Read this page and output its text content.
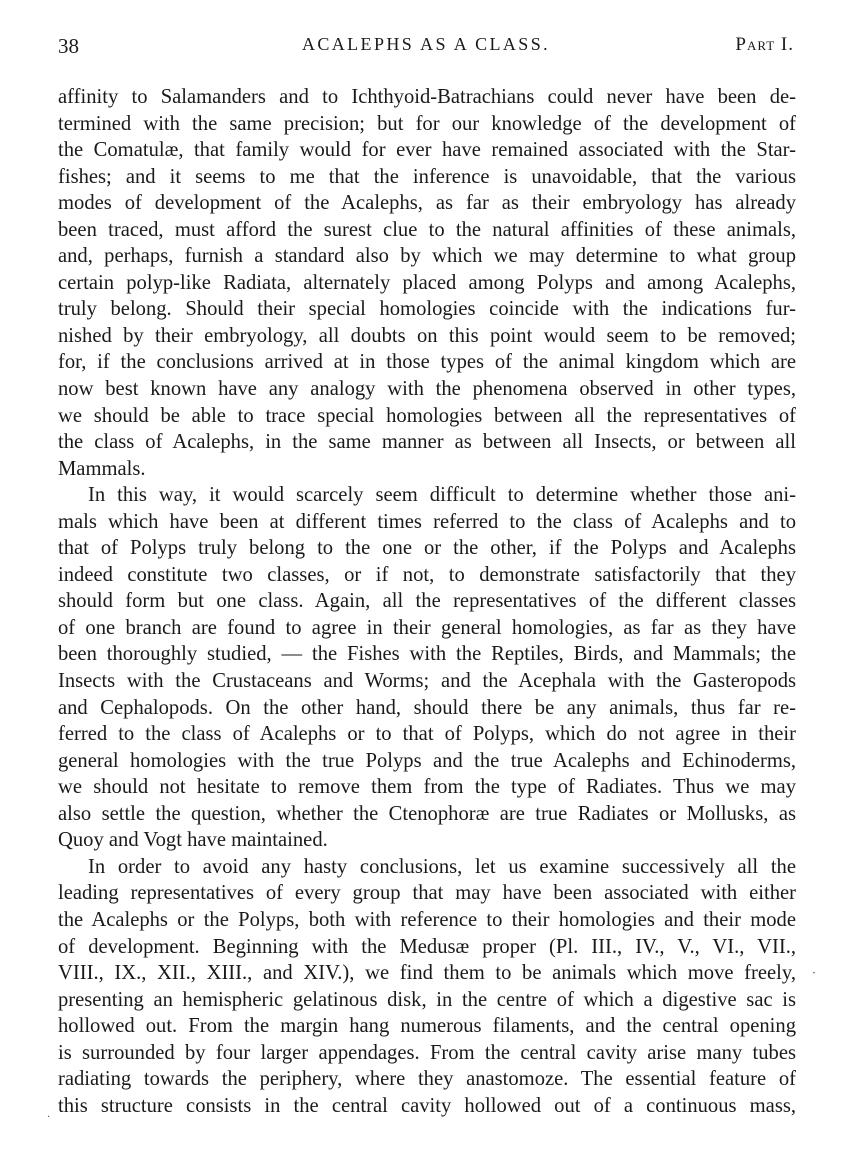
38	ACALEPHS AS A CLASS.	Part I.
affinity to Salamanders and to Ichthyoid-Batrachians could never have been de-
termined with the same precision; but for our knowledge of the development of
the Comatulæ, that family would for ever have remained associated with the Star-
fishes; and it seems to me that the inference is unavoidable, that the various
modes of development of the Acalephs, as far as their embryology has already
been traced, must afford the surest clue to the natural affinities of these animals,
and, perhaps, furnish a standard also by which we may determine to what group
certain polyp-like Radiata, alternately placed among Polyps and among Acalephs,
truly belong. Should their special homologies coincide with the indications fur-
nished by their embryology, all doubts on this point would seem to be removed;
for, if the conclusions arrived at in those types of the animal kingdom which are
now best known have any analogy with the phenomena observed in other types,
we should be able to trace special homologies between all the representatives of
the class of Acalephs, in the same manner as between all Insects, or between all
Mammals.
In this way, it would scarcely seem difficult to determine whether those ani-
mals which have been at different times referred to the class of Acalephs and to
that of Polyps truly belong to the one or the other, if the Polyps and Acalephs
indeed constitute two classes, or if not, to demonstrate satisfactorily that they
should form but one class. Again, all the representatives of the different classes
of one branch are found to agree in their general homologies, as far as they have
been thoroughly studied, — the Fishes with the Reptiles, Birds, and Mammals; the
Insects with the Crustaceans and Worms; and the Acephala with the Gasteropods
and Cephalopods. On the other hand, should there be any animals, thus far re-
ferred to the class of Acalephs or to that of Polyps, which do not agree in their
general homologies with the true Polyps and the true Acalephs and Echinoderms,
we should not hesitate to remove them from the type of Radiates. Thus we may
also settle the question, whether the Ctenophoræ are true Radiates or Mollusks, as
Quoy and Vogt have maintained.
In order to avoid any hasty conclusions, let us examine successively all the
leading representatives of every group that may have been associated with either
the Acalephs or the Polyps, both with reference to their homologies and their mode
of development. Beginning with the Medusæ proper (Pl. III., IV., V., VI., VII.,
VIII., IX., XII., XIII., and XIV.), we find them to be animals which move freely,
presenting an hemispheric gelatinous disk, in the centre of which a digestive sac is
hollowed out. From the margin hang numerous filaments, and the central opening
is surrounded by four larger appendages. From the central cavity arise many tubes
radiating towards the periphery, where they anastomoze. The essential feature of
this structure consists in the central cavity hollowed out of a continuous mass,
·
·
